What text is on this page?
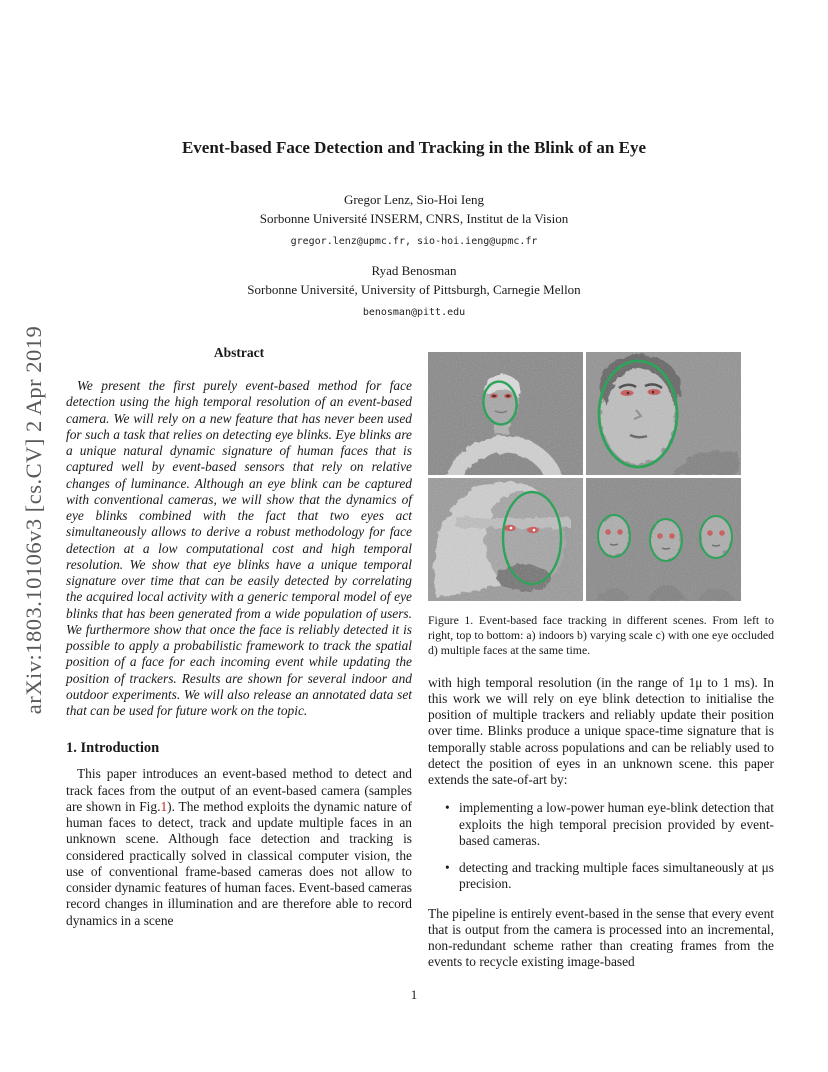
arXiv:1803.10106v3 [cs.CV] 2 Apr 2019
Event-based Face Detection and Tracking in the Blink of an Eye
Gregor Lenz, Sio-Hoi Ieng
Sorbonne Université INSERM, CNRS, Institut de la Vision
gregor.lenz@upmc.fr, sio-hoi.ieng@upmc.fr
Ryad Benosman
Sorbonne Université, University of Pittsburgh, Carnegie Mellon
benosman@pitt.edu
Abstract

We present the first purely event-based method for face detection using the high temporal resolution of an event-based camera. We will rely on a new feature that has never been used for such a task that relies on detecting eye blinks. Eye blinks are a unique natural dynamic signature of human faces that is captured well by event-based sensors that rely on relative changes of luminance. Although an eye blink can be captured with conventional cameras, we will show that the dynamics of eye blinks combined with the fact that two eyes act simultaneously allows to derive a robust methodology for face detection at a low computational cost and high temporal resolution. We show that eye blinks have a unique temporal signature over time that can be easily detected by correlating the acquired local activity with a generic temporal model of eye blinks that has been generated from a wide population of users. We furthermore show that once the face is reliably detected it is possible to apply a probabilistic framework to track the spatial position of a face for each incoming event while updating the position of trackers. Results are shown for several indoor and outdoor experiments. We will also release an annotated data set that can be used for future work on the topic.

1. Introduction

This paper introduces an event-based method to detect and track faces from the output of an event-based camera (samples are shown in Fig.1). The method exploits the dynamic nature of human faces to detect, track and update multiple faces in an unknown scene. Although face detection and tracking is considered practically solved in classical computer vision, the use of conventional frame-based cameras does not allow to consider dynamic features of human faces. Event-based cameras record changes in illumination and are therefore able to record dynamics in a scene

Figure 1. Event-based face tracking in different scenes. From left to right, top to bottom: a) indoors b) varying scale c) with one eye occluded d) multiple faces at the same time.

with high temporal resolution (in the range of 1μ to 1 ms). In this work we will rely on eye blink detection to initialise the position of multiple trackers and reliably update their position over time. Blinks produce a unique space-time signature that is temporally stable across populations and can be reliably used to detect the position of eyes in an unknown scene. this paper extends the sate-of-art by:

• implementing a low-power human eye-blink detection that exploits the high temporal precision provided by event-based cameras.
• detecting and tracking multiple faces simultaneously at μs precision.

The pipeline is entirely event-based in the sense that every event that is output from the camera is processed into an incremental, non-redundant scheme rather than creating frames from the events to recycle existing image-based

1
